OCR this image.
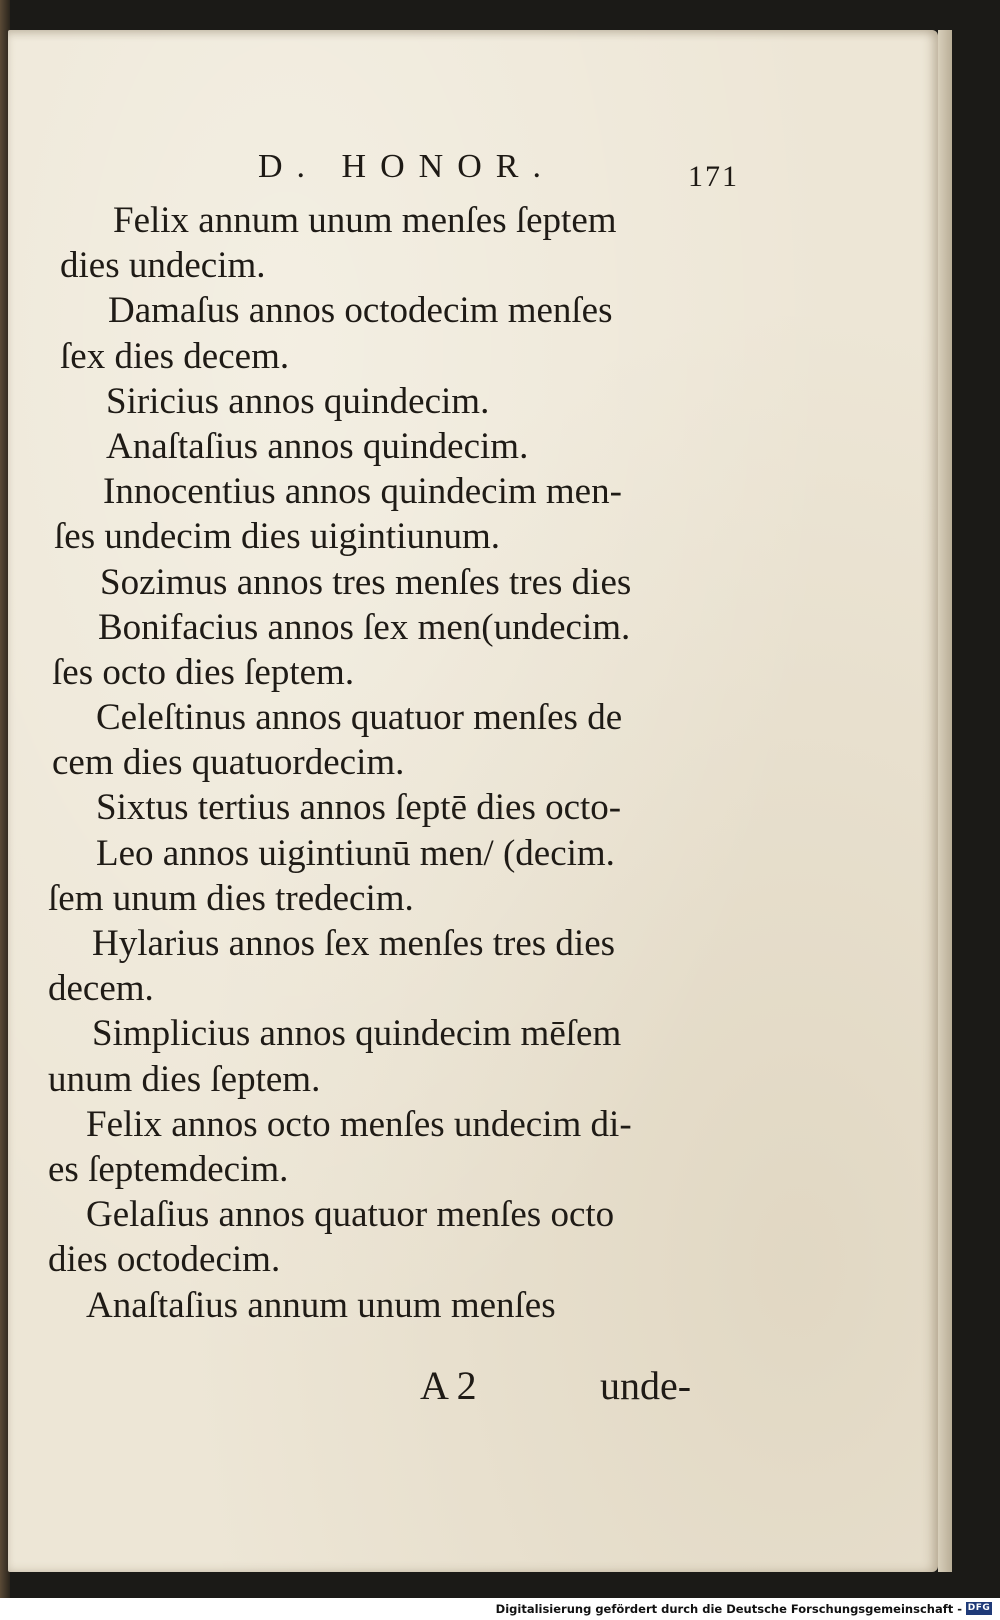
D. HONOR.	171
Felix annum unum menſes ſeptem
dies undecim.
Damaſus annos octodecim menſes
ſex dies decem.
Siricius annos quindecim.
Anaſtaſius annos quindecim.
Innocentius annos quindecim men-
ſes undecim dies uigintiunum.
Sozimus annos tres menſes tres dies
Bonifacius annos ſex men(undecim.
ſes octo dies ſeptem.
Celeſtinus annos quatuor menſes de
cem dies quatuordecim.
Sixtus tertius annos ſeptē dies octo-
Leo annos uigintiunū men/ (decim.
ſem unum dies tredecim.
Hylarius annos ſex menſes tres dies
decem.
Simplicius annos quindecim mēſem
unum dies ſeptem.
Felix annos octo menſes undecim di-
es ſeptemdecim.
Gelaſius annos quatuor menſes octo
dies octodecim.
Anaſtaſius annum unum menſes
A 2	unde-
Digitalisierung gefördert durch die Deutsche Forschungsgemeinschaft - DFG
